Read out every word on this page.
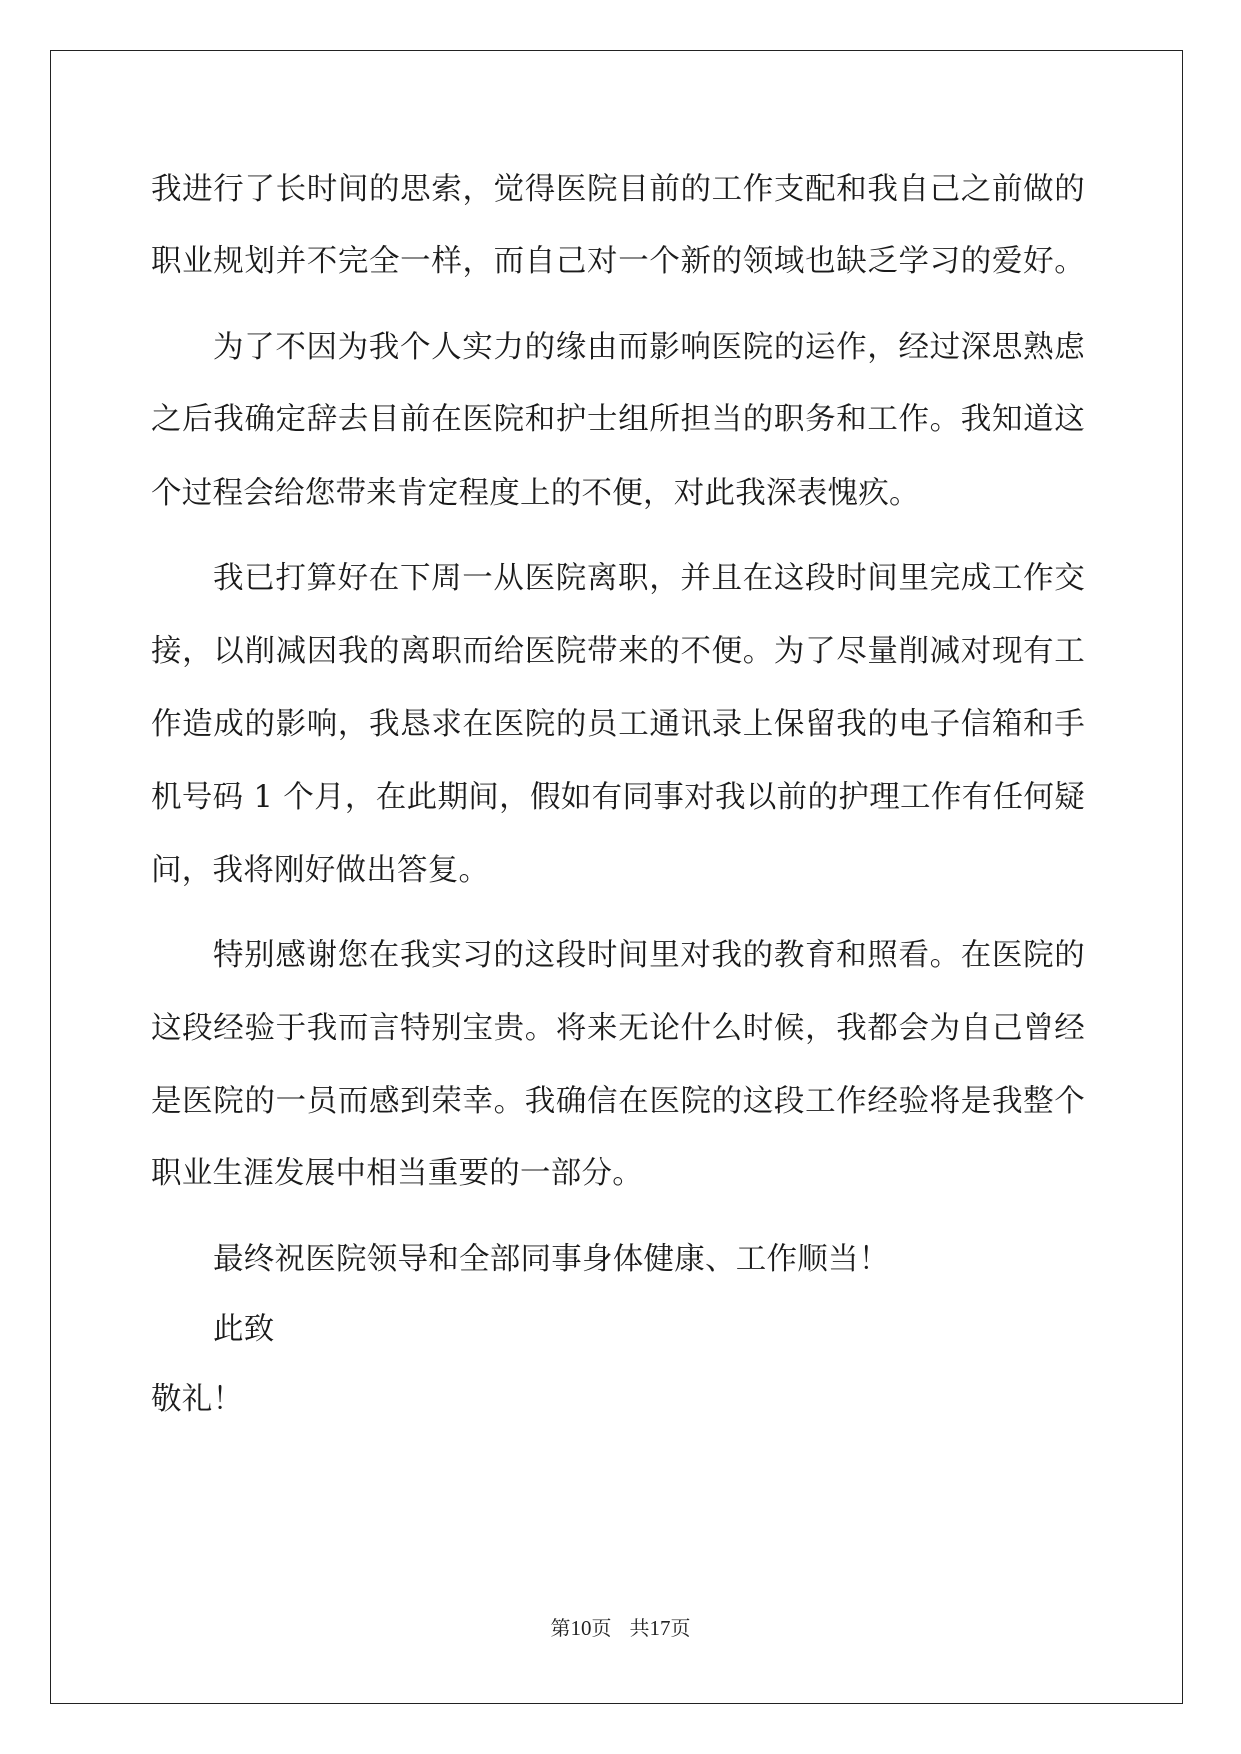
我进行了长时间的思索，觉得医院目前的工作支配和我自己之前做的
职业规划并不完全一样，而自己对一个新的领域也缺乏学习的爱好。
为了不因为我个人实力的缘由而影响医院的运作，经过深思熟虑
之后我确定辞去目前在医院和护士组所担当的职务和工作。我知道这
个过程会给您带来肯定程度上的不便，对此我深表愧疚。
我已打算好在下周一从医院离职，并且在这段时间里完成工作交
接，以削减因我的离职而给医院带来的不便。为了尽量削减对现有工
作造成的影响，我恳求在医院的员工通讯录上保留我的电子信箱和手
机号码 1 个月，在此期间，假如有同事对我以前的护理工作有任何疑
问，我将刚好做出答复。
特别感谢您在我实习的这段时间里对我的教育和照看。在医院的
这段经验于我而言特别宝贵。将来无论什么时候，我都会为自己曾经
是医院的一员而感到荣幸。我确信在医院的这段工作经验将是我整个
职业生涯发展中相当重要的一部分。
最终祝医院领导和全部同事身体健康、工作顺当！
此致
敬礼！
第10页 共17页
